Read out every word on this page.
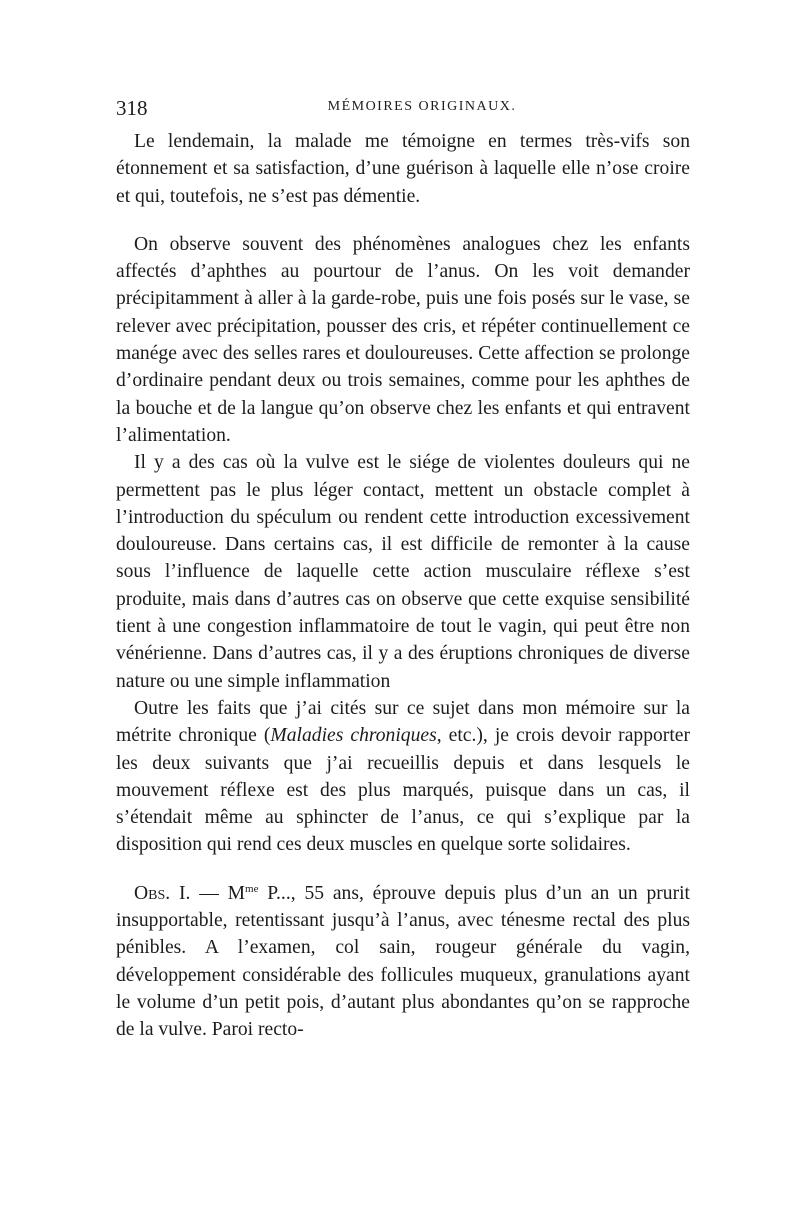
318	MÉMOIRES ORIGINAUX.

Le lendemain, la malade me témoigne en termes très-vifs son étonnement et sa satisfaction, d’une guérison à laquelle elle n’ose croire et qui, toutefois, ne s’est pas démentie.

On observe souvent des phénomènes analogues chez les enfants affectés d’aphthes au pourtour de l’anus. On les voit demander précipitamment à aller à la garde-robe, puis une fois posés sur le vase, se relever avec précipitation, pousser des cris, et répéter continuellement ce manége avec des selles rares et douloureuses. Cette affection se prolonge d’ordinaire pendant deux ou trois semaines, comme pour les aphthes de la bouche et de la langue qu’on observe chez les enfants et qui entravent l’alimentation.

Il y a des cas où la vulve est le siége de violentes douleurs qui ne permettent pas le plus léger contact, mettent un obstacle complet à l’introduction du spéculum ou rendent cette introduction excessivement douloureuse. Dans certains cas, il est difficile de remonter à la cause sous l’influence de laquelle cette action musculaire réflexe s’est produite, mais dans d’autres cas on observe que cette exquise sensibilité tient à une congestion inflammatoire de tout le vagin, qui peut être non vénérienne. Dans d’autres cas, il y a des éruptions chroniques de diverse nature ou une simple inflammation

Outre les faits que j’ai cités sur ce sujet dans mon mémoire sur la métrite chronique (Maladies chroniques, etc.), je crois devoir rapporter les deux suivants que j’ai recueillis depuis et dans lesquels le mouvement réflexe est des plus marqués, puisque dans un cas, il s’étendait même au sphincter de l’anus, ce qui s’explique par la disposition qui rend ces deux muscles en quelque sorte solidaires.

Obs. I. — $M^{me}$ P..., 55 ans, éprouve depuis plus d’un an un prurit insupportable, retentissant jusqu’à l’anus, avec ténesme rectal des plus pénibles. A l’examen, col sain, rougeur générale du vagin, développement considérable des follicules muqueux, granulations ayant le volume d’un petit pois, d’autant plus abondantes qu’on se rapproche de la vulve. Paroi recto-
